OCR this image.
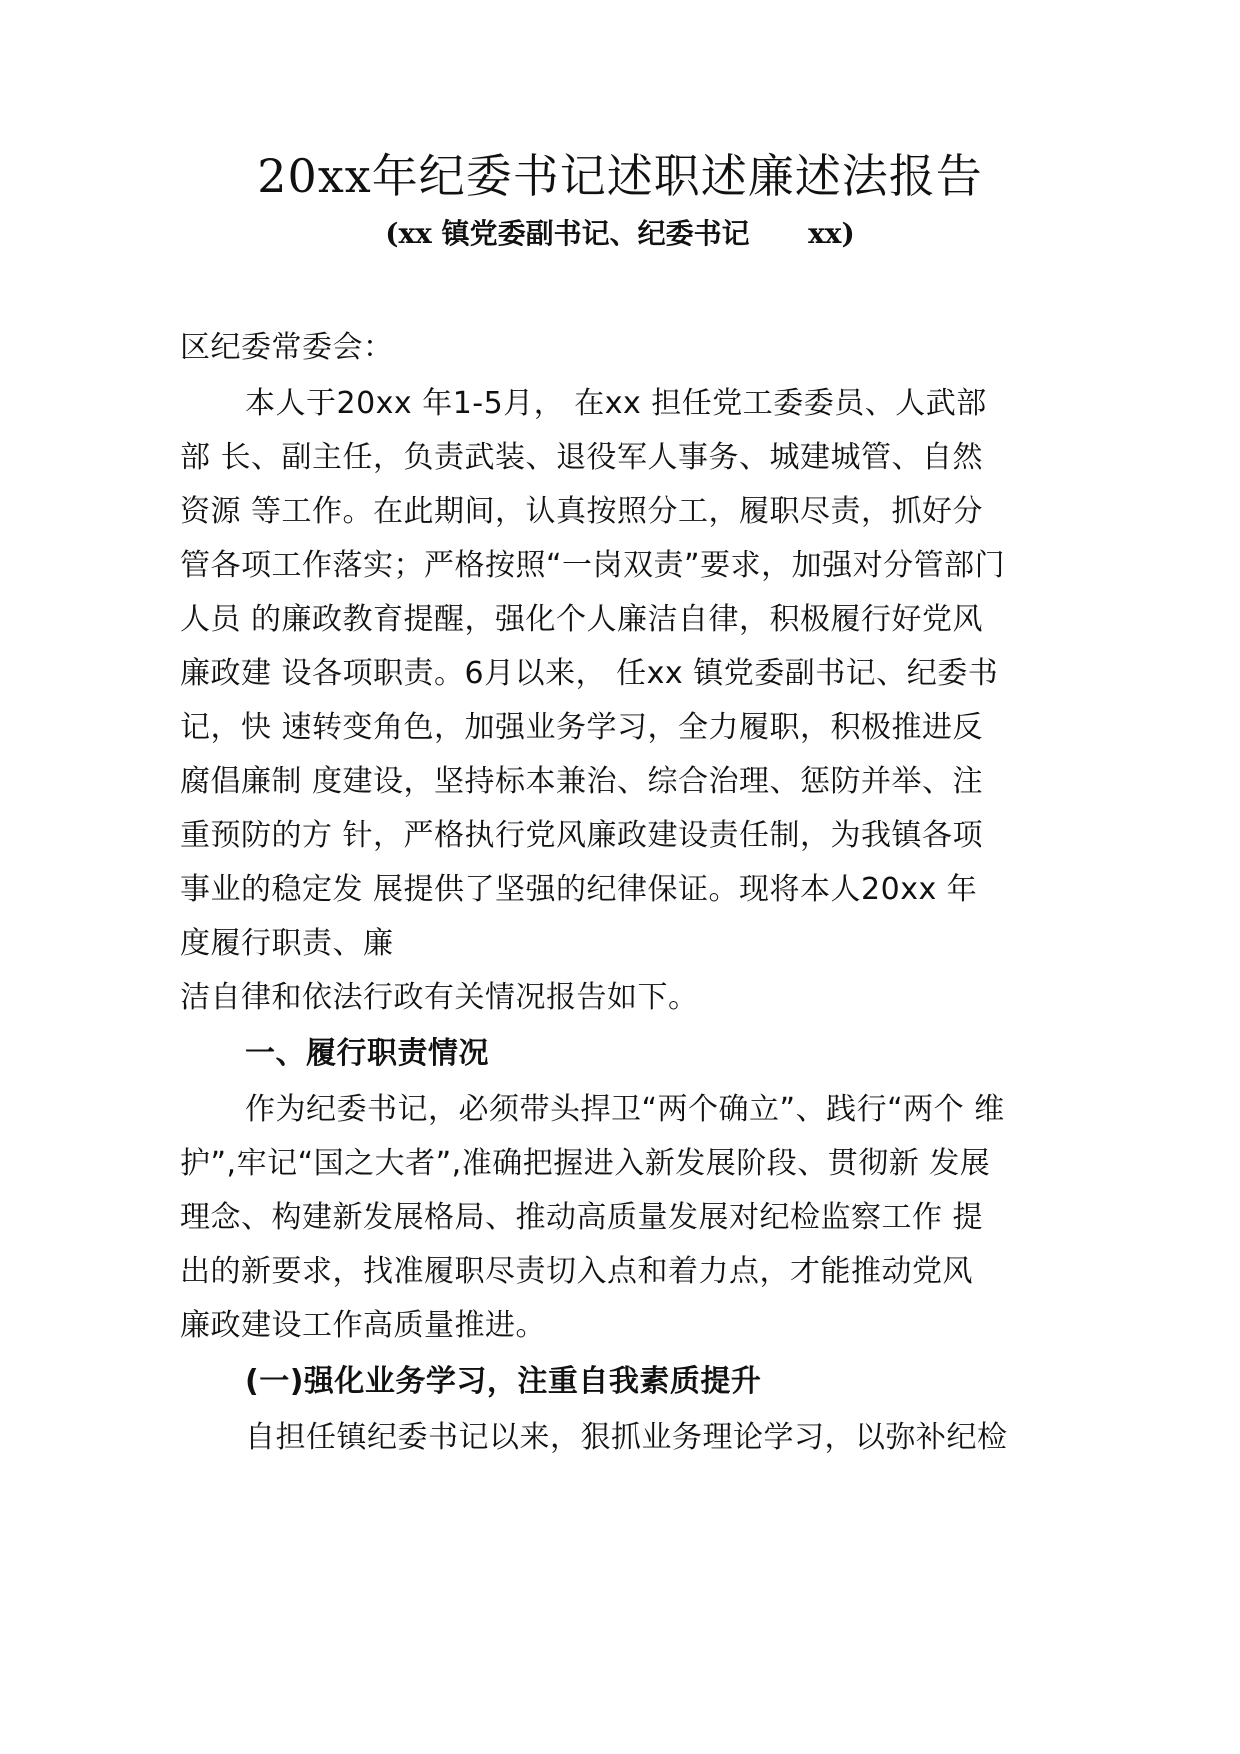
20xx年纪委书记述职述廉述法报告
(xx 镇党委副书记、纪委书记      xx)
区纪委常委会：
本人于20xx 年1-5月， 在xx 担任党工委委员、人武部
部 长、副主任，负责武装、退役军人事务、城建城管、自然
资源 等工作。在此期间，认真按照分工，履职尽责，抓好分
管各项工作落实；严格按照“一岗双责”要求，加强对分管部门
人员 的廉政教育提醒，强化个人廉洁自律，积极履行好党风
廉政建 设各项职责。6月以来， 任xx 镇党委副书记、纪委书
记，快 速转变角色，加强业务学习，全力履职，积极推进反
腐倡廉制 度建设，坚持标本兼治、综合治理、惩防并举、注
重预防的方 针，严格执行党风廉政建设责任制，为我镇各项
事业的稳定发 展提供了坚强的纪律保证。现将本人20xx 年
度履行职责、廉
洁自律和依法行政有关情况报告如下。
一、履行职责情况
作为纪委书记，必须带头捍卫“两个确立”、践行“两个 维
护”,牢记“国之大者”,准确把握进入新发展阶段、贯彻新 发展
理念、构建新发展格局、推动高质量发展对纪检监察工作 提
出的新要求，找准履职尽责切入点和着力点，才能推动党风
廉政建设工作高质量推进。
(一)强化业务学习，注重自我素质提升
自担任镇纪委书记以来，狠抓业务理论学习，以弥补纪检
